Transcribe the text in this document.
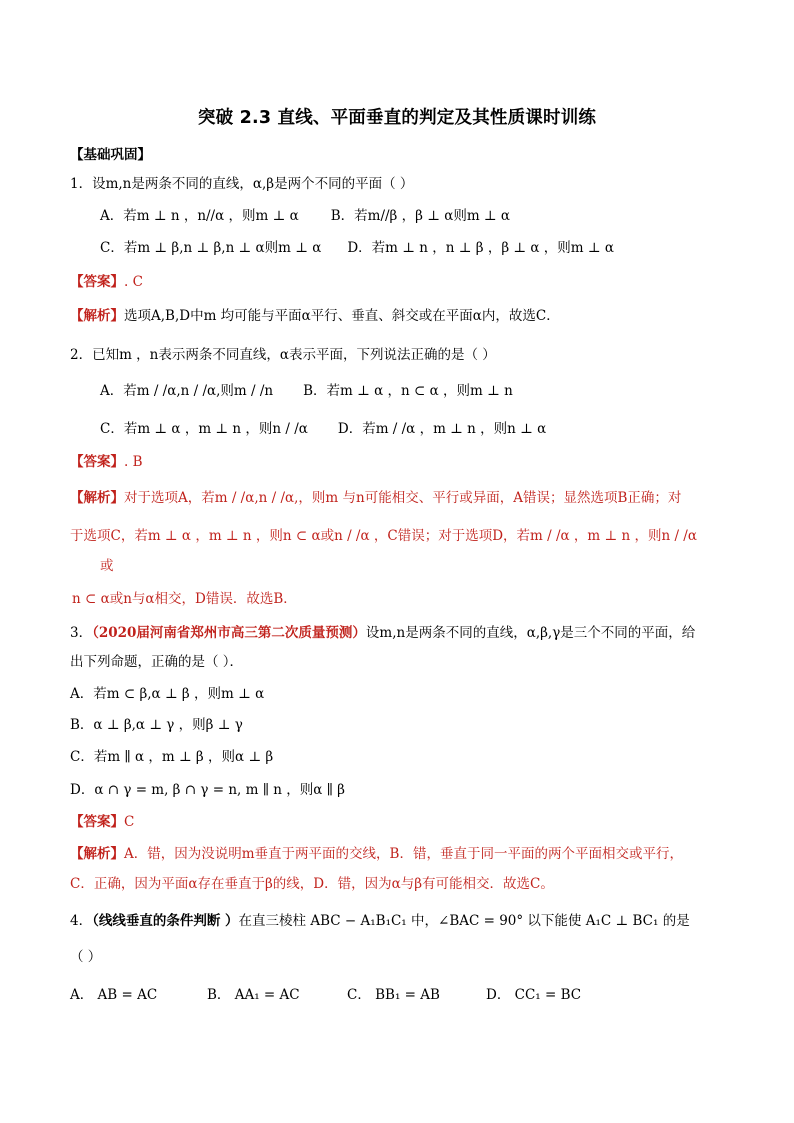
突破 2.3 直线、平面垂直的判定及其性质课时训练
【基础巩固】
1．设m,n是两条不同的直线，α,β是两个不同的平面（ ）
A．若m ⊥ n ，n//α ，则m ⊥ α B．若m//β ，β ⊥ α则m ⊥ α
C．若m ⊥ β,n ⊥ β,n ⊥ α则m ⊥ α D．若m ⊥ n ，n ⊥ β ，β ⊥ α ，则m ⊥ α
【答案】. C
【解析】选项A,B,D中m 均可能与平面α平行、垂直、斜交或在平面α内，故选C．
2．已知m ，n表示两条不同直线，α表示平面，下列说法正确的是（ ）
A．若m / /α,n / /α,则m / /n B．若m ⊥ α ，n ⊂ α ，则m ⊥ n
C．若m ⊥ α ，m ⊥ n ，则n / /α D．若m / /α ，m ⊥ n ，则n ⊥ α
【答案】. B
【解析】对于选项A，若m / /α,n / /α,，则m 与n可能相交、平行或异面，A错误；显然选项B正确；对
于选项C，若m ⊥ α ，m ⊥ n ，则n ⊂ α或n / /α ，C错误；对于选项D，若m / /α ，m ⊥ n ，则n / /α
或
n ⊂ α或n与α相交，D错误．故选B．
3．（2020届河南省郑州市高三第二次质量预测）设m,n是两条不同的直线，α,β,γ是三个不同的平面，给
出下列命题，正确的是（ ）．
A．若m ⊂ β,α ⊥ β ，则m ⊥ α
B．α ⊥ β,α ⊥ γ ，则β ⊥ γ
C．若m ∥ α ，m ⊥ β ，则α ⊥ β
D．α ∩ γ = m, β ∩ γ = n, m ∥ n ，则α ∥ β
【答案】C
【解析】A．错，因为没说明m垂直于两平面的交线，B．错，垂直于同一平面的两个平面相交或平行，
C．正确，因为平面α存在垂直于β的线，D．错，因为α与β有可能相交．故选C。
4．（线线垂直的条件判断 ）在直三棱柱 ABC − A₁B₁C₁ 中，∠BAC = 90° 以下能使 A₁C ⊥ BC₁ 的是
（ ）
A． AB = AC	B． AA₁ = AC	C． BB₁ = AB	D． CC₁ = BC
